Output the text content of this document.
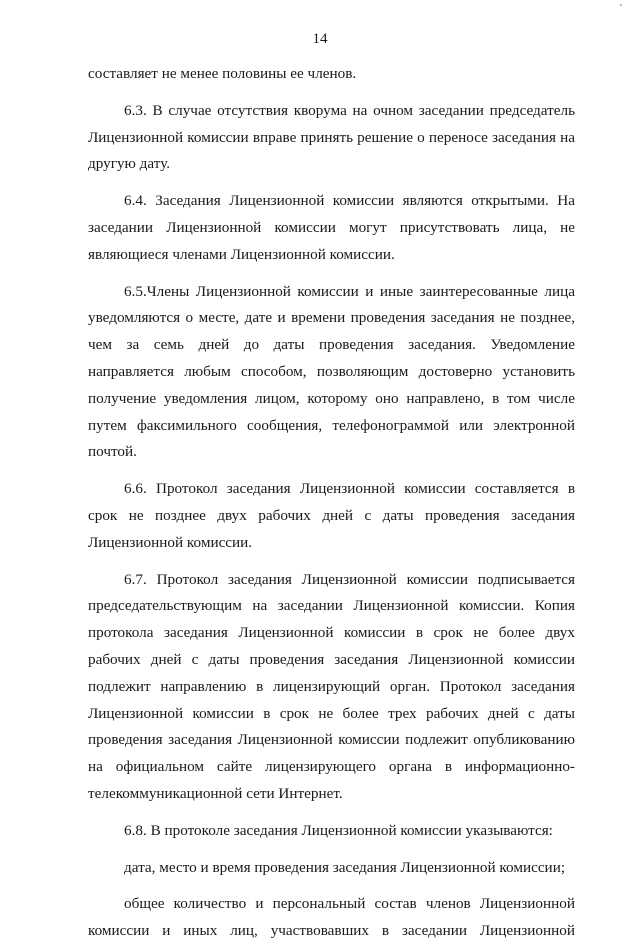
14

составляет не менее половины ее членов.

6.3. В случае отсутствия кворума на очном заседании председатель Лицензионной комиссии вправе принять решение о переносе заседания на другую дату.

6.4. Заседания Лицензионной комиссии являются открытыми. На заседании Лицензионной комиссии могут присутствовать лица, не являющиеся членами Лицензионной комиссии.

6.5.Члены Лицензионной комиссии и иные заинтересованные лица уведомляются о месте, дате и времени проведения заседания не позднее, чем за семь дней до даты проведения заседания. Уведомление направляется любым способом, позволяющим достоверно установить получение уведомления лицом, которому оно направлено, в том числе путем факсимильного сообщения, телефонограммой или электронной почтой.

6.6. Протокол заседания Лицензионной комиссии составляется в срок не позднее двух рабочих дней с даты проведения заседания Лицензионной комиссии.

6.7. Протокол заседания Лицензионной комиссии подписывается председательствующим на заседании Лицензионной комиссии. Копия протокола заседания Лицензионной комиссии в срок не более двух рабочих дней с даты проведения заседания Лицензионной комиссии подлежит направлению в лицензирующий орган. Протокол заседания Лицензионной комиссии в срок не более трех рабочих дней с даты проведения заседания Лицензионной комиссии подлежит опубликованию на официальном сайте лицензирующего органа в информационно-телекоммуникационной сети Интернет.

6.8. В протоколе заседания Лицензионной комиссии указываются:

дата, место и время проведения заседания Лицензионной комиссии;

общее количество и персональный состав членов Лицензионной комиссии и иных лиц, участвовавших в заседании Лицензионной
